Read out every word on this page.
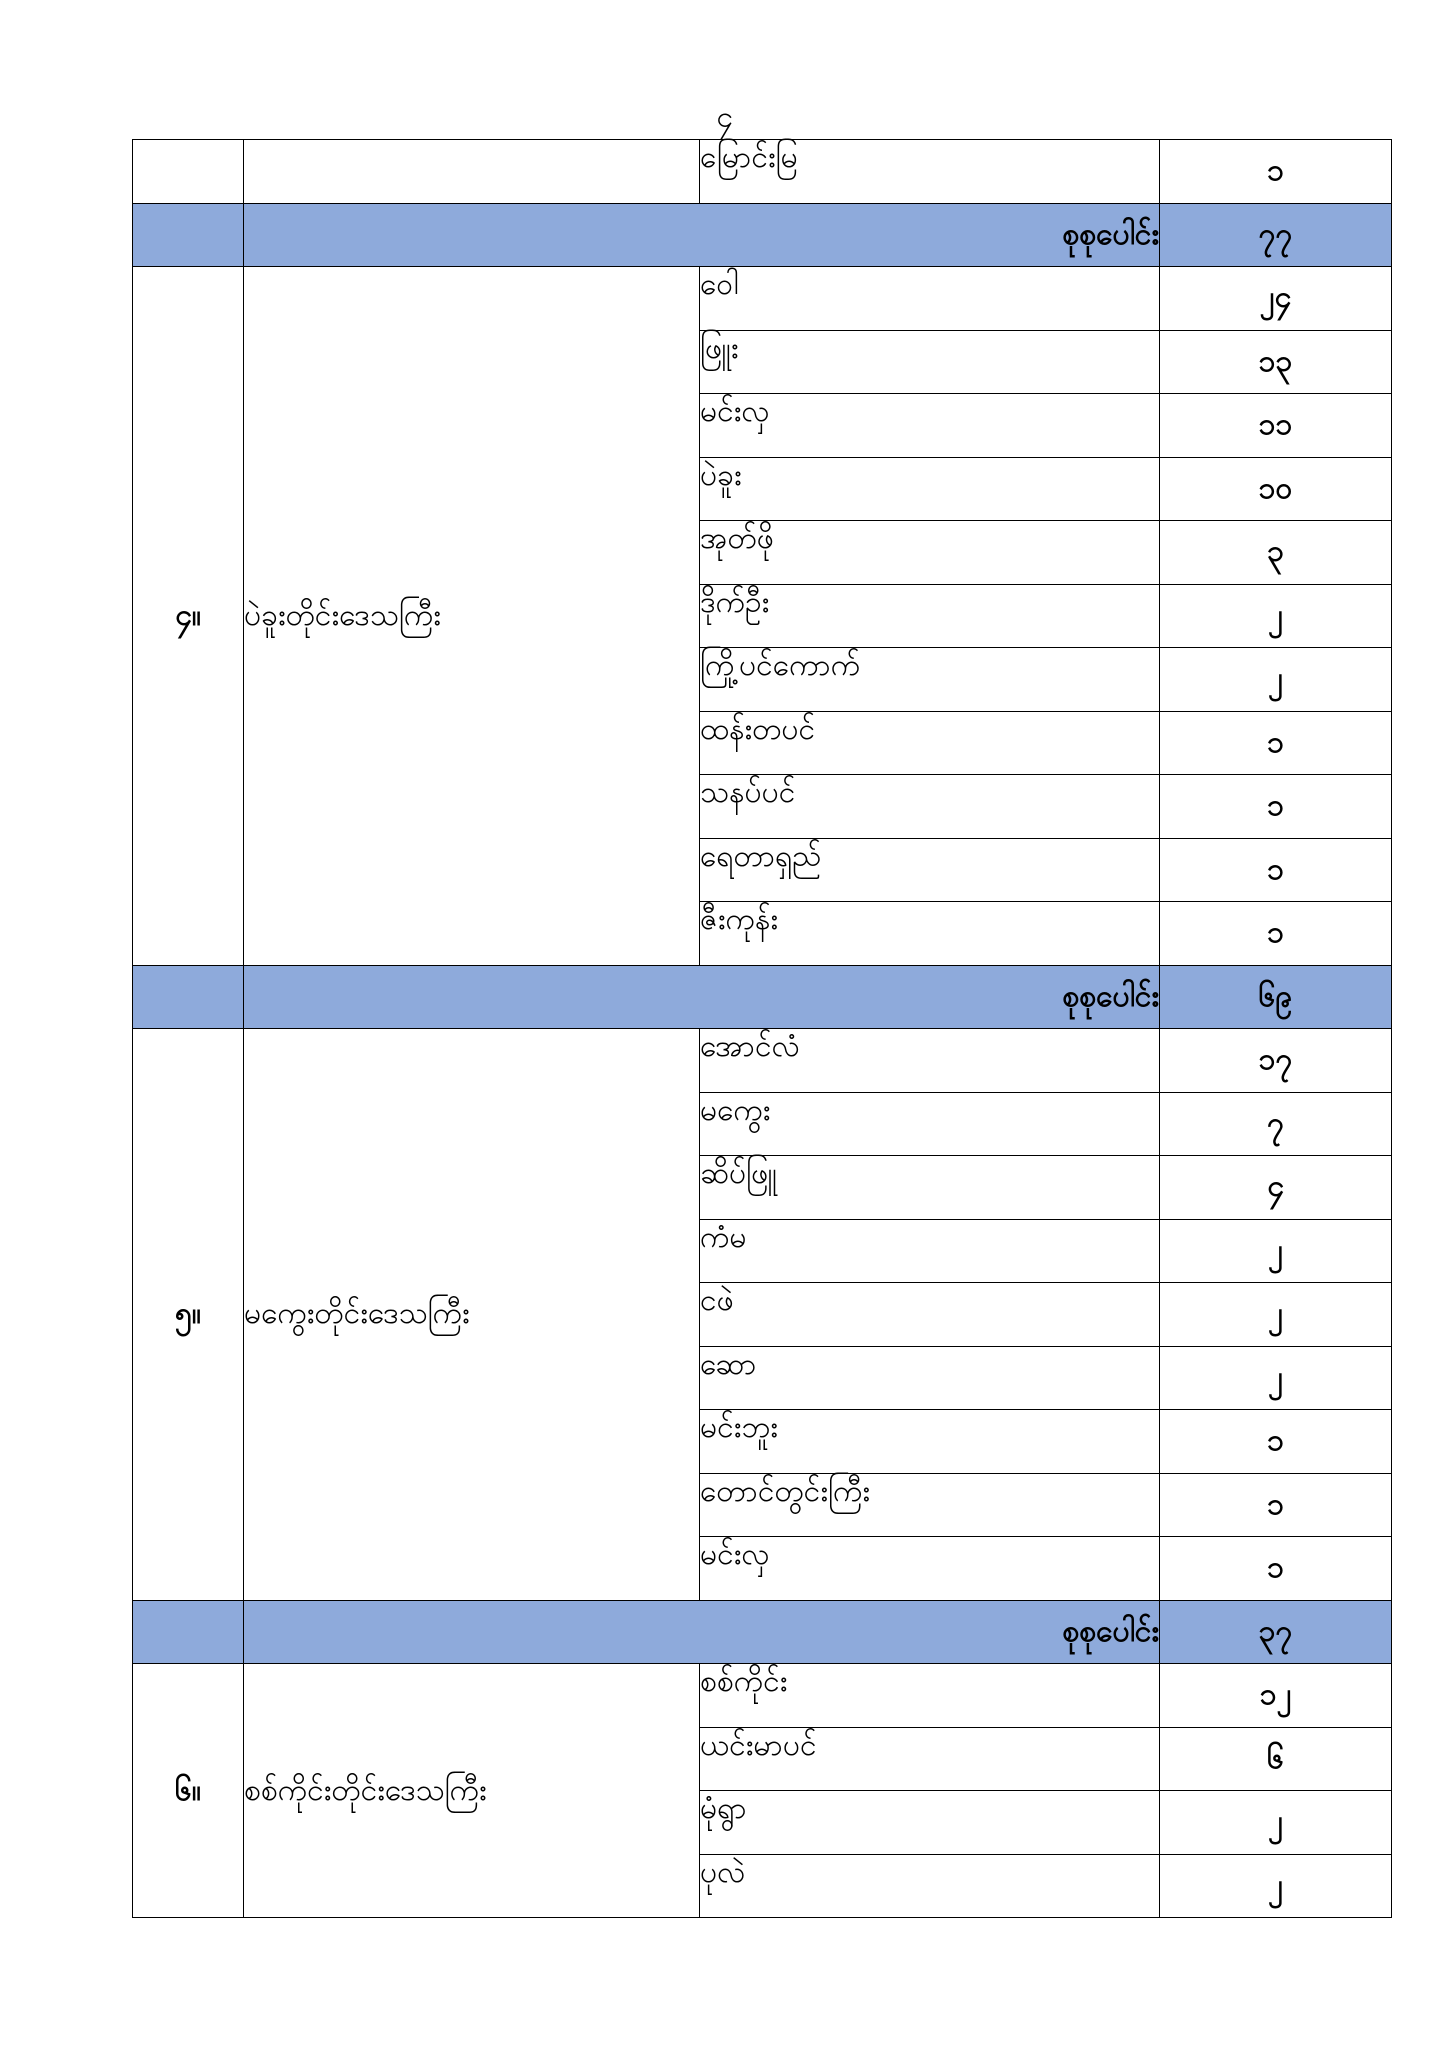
၄
		မြောင်းမြ	၁
	စုစုပေါင်း		၇၇
၄။	ပဲခူးတိုင်းဒေသကြီး	ဝေါ	၂၄
		ဖြူး	၁၃
		မင်းလှ	၁၁
		ပဲခူး	၁၀
		အုတ်ဖို	၃
		ဒိုက်ဦး	၂
		ကြို့ပင်ကောက်	၂
		ထန်းတပင်	၁
		သနပ်ပင်	၁
		ရေတာရှည်	၁
		ဇီးကုန်း	၁
	စုစုပေါင်း		၆၉
၅။	မကွေးတိုင်းဒေသကြီး	အောင်လံ	၁၇
		မကွေး	၇
		ဆိပ်ဖြူ	၄
		ကံမ	၂
		ငဖဲ	၂
		ဆော	၂
		မင်းဘူး	၁
		တောင်တွင်းကြီး	၁
		မင်းလှ	၁
	စုစုပေါင်း		၃၇
၆။	စစ်ကိုင်းတိုင်းဒေသကြီး	စစ်ကိုင်း	၁၂
		ယင်းမာပင်	၆
		မုံရွာ	၂
		ပုလဲ	၂
